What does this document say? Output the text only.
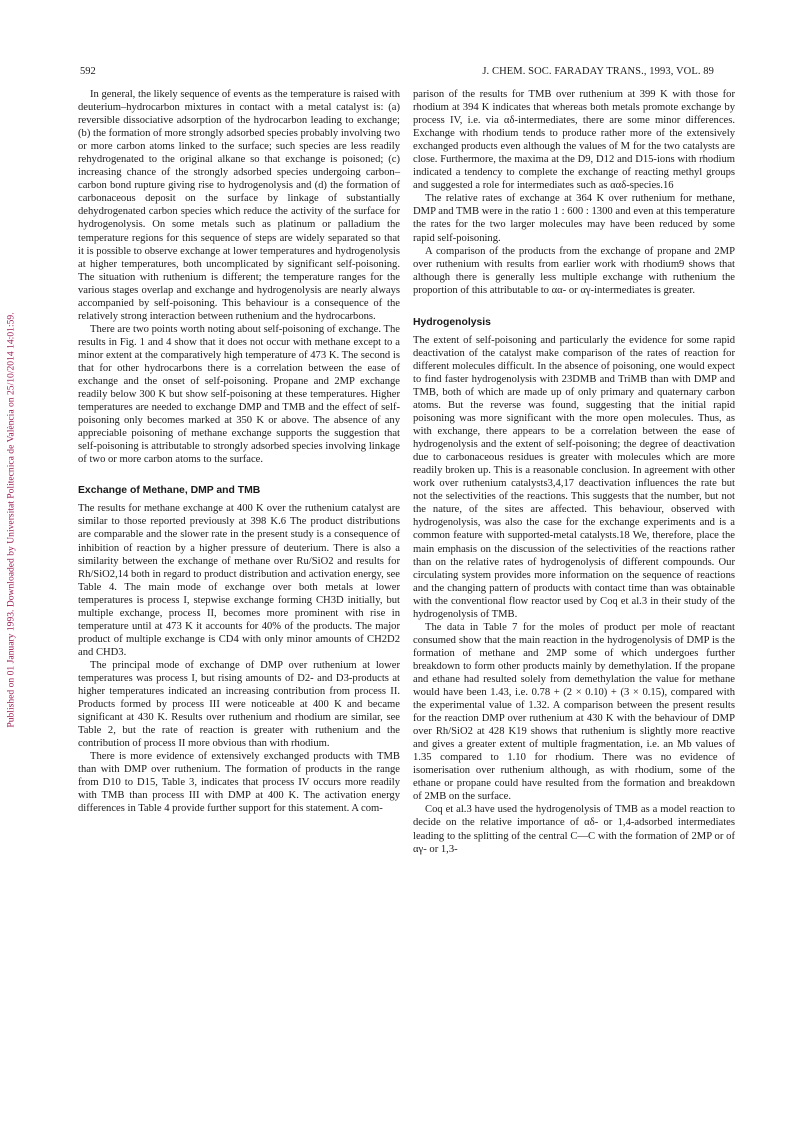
592	J. CHEM. SOC. FARADAY TRANS., 1993, VOL. 89
Published on 01 January 1993. Downloaded by Universitat Politecnica de València on 25/10/2014 14:01:59.

In general, the likely sequence of events as the temperature is raised with deuterium–hydrocarbon mixtures in contact with a metal catalyst is: (a) reversible dissociative adsorption of the hydrocarbon leading to exchange; (b) the formation of more strongly adsorbed species probably involving two or more carbon atoms linked to the surface; such species are less readily rehydrogenated to the original alkane so that exchange is poisoned; (c) increasing chance of the strongly adsorbed species undergoing carbon–carbon bond rupture giving rise to hydrogenolysis and (d) the formation of carbonaceous deposit on the surface by linkage of substantially dehydrogenated carbon species which reduce the activity of the surface for hydrogenolysis. On some metals such as platinum or palladium the temperature regions for this sequence of steps are widely separated so that it is possible to observe exchange at lower temperatures and hydrogenolysis at higher temperatures, both uncomplicated by significant self-poisoning. The situation with ruthenium is different; the temperature ranges for the various stages overlap and exchange and hydrogenolysis are nearly always accompanied by self-poisoning. This behaviour is a consequence of the relatively strong interaction between ruthenium and the hydrocarbons.

There are two points worth noting about self-poisoning of exchange. The results in Fig. 1 and 4 show that it does not occur with methane except to a minor extent at the comparatively high temperature of 473 K. The second is that for other hydrocarbons there is a correlation between the ease of exchange and the onset of self-poisoning. Propane and 2MP exchange readily below 300 K but show self-poisoning at these temperatures. Higher temperatures are needed to exchange DMP and TMB and the effect of self-poisoning only becomes marked at 350 K or above. The absence of any appreciable poisoning of methane exchange supports the suggestion that self-poisoning is attributable to strongly adsorbed species involving linkage of two or more carbon atoms to the surface.

Exchange of Methane, DMP and TMB

The results for methane exchange at 400 K over the ruthenium catalyst are similar to those reported previously at 398 K.6 The product distributions are comparable and the slower rate in the present study is a consequence of inhibition of reaction by a higher pressure of deuterium. There is also a similarity between the exchange of methane over Ru/SiO2 and results for Rh/SiO2,14 both in regard to product distribution and activation energy, see Table 4. The main mode of exchange over both metals at lower temperatures is process I, stepwise exchange forming CH3D initially, but multiple exchange, process II, becomes more prominent with rise in temperature until at 473 K it accounts for 40% of the products. The major product of multiple exchange is CD4 with only minor amounts of CH2D2 and CHD3.

The principal mode of exchange of DMP over ruthenium at lower temperatures was process I, but rising amounts of D2- and D3-products at higher temperatures indicated an increasing contribution from process II. Products formed by process III were noticeable at 400 K and became significant at 430 K. Results over ruthenium and rhodium are similar, see Table 2, but the rate of reaction is greater with ruthenium and the contribution of process II more obvious than with rhodium.

There is more evidence of extensively exchanged products with TMB than with DMP over ruthenium. The formation of products in the range from D10 to D15, Table 3, indicates that process IV occurs more readily with TMB than process III with DMP at 400 K. The activation energy differences in Table 4 provide further support for this statement. A com-

parison of the results for TMB over ruthenium at 399 K with those for rhodium at 394 K indicates that whereas both metals promote exchange by process IV, i.e. via αδ-intermediates, there are some minor differences. Exchange with rhodium tends to produce rather more of the extensively exchanged products even although the values of M for the two catalysts are close. Furthermore, the maxima at the D9, D12 and D15-ions with rhodium indicated a tendency to complete the exchange of reacting methyl groups and suggested a role for intermediates such as ααδ-species.16

The relative rates of exchange at 364 K over ruthenium for methane, DMP and TMB were in the ratio 1 : 600 : 1300 and even at this temperature the rates for the two larger molecules may have been reduced by some rapid self-poisoning.

A comparison of the products from the exchange of propane and 2MP over ruthenium with results from earlier work with rhodium9 shows that although there is generally less multiple exchange with ruthenium the proportion of this attributable to αα- or αγ-intermediates is greater.

Hydrogenolysis

The extent of self-poisoning and particularly the evidence for some rapid deactivation of the catalyst make comparison of the rates of reaction for different molecules difficult. In the absence of poisoning, one would expect to find faster hydrogenolysis with 23DMB and TriMB than with DMP and TMB, both of which are made up of only primary and quaternary carbon atoms. But the reverse was found, suggesting that the initial rapid poisoning was more significant with the more open molecules. Thus, as with exchange, there appears to be a correlation between the ease of hydrogenolysis and the extent of self-poisoning; the degree of deactivation due to carbonaceous residues is greater with molecules which are more readily broken up. This is a reasonable conclusion. In agreement with other work over ruthenium catalysts3,4,17 deactivation influences the rate but not the selectivities of the reactions. This suggests that the number, but not the nature, of the sites are affected. This behaviour, observed with hydrogenolysis, was also the case for the exchange experiments and is a common feature with supported-metal catalysts.18 We, therefore, place the main emphasis on the discussion of the selectivities of the reactions rather than on the relative rates of hydrogenolysis of different compounds. Our circulating system provides more information on the sequence of reactions and the changing pattern of products with contact time than was obtainable with the conventional flow reactor used by Coq et al.3 in their study of the hydrogenolysis of TMB.

The data in Table 7 for the moles of product per mole of reactant consumed show that the main reaction in the hydrogenolysis of DMP is the formation of methane and 2MP some of which undergoes further breakdown to form other products mainly by demethylation. If the propane and ethane had resulted solely from demethylation the value for methane would have been 1.43, i.e. 0.78 + (2 × 0.10) + (3 × 0.15), compared with the experimental value of 1.32. A comparison between the present results for the reaction DMP over ruthenium at 430 K with the behaviour of DMP over Rh/SiO2 at 428 K19 shows that ruthenium is slightly more reactive and gives a greater extent of multiple fragmentation, i.e. an Mb values of 1.35 compared to 1.10 for rhodium. There was no evidence of isomerisation over ruthenium although, as with rhodium, some of the ethane or propane could have resulted from the formation and breakdown of 2MB on the surface.

Coq et al.3 have used the hydrogenolysis of TMB as a model reaction to decide on the relative importance of αδ- or 1,4-adsorbed intermediates leading to the splitting of the central C—C with the formation of 2MP or of αγ- or 1,3-
